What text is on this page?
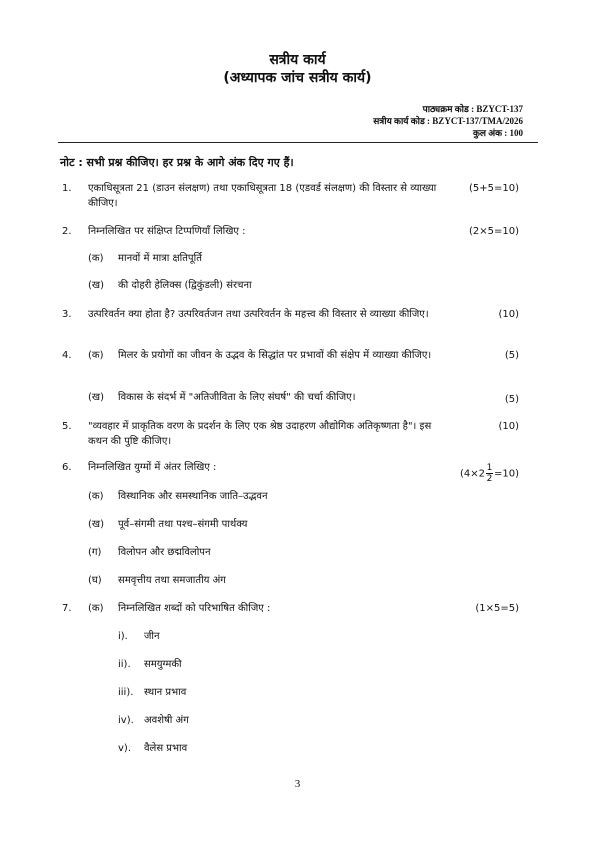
सत्रीय कार्य
(अध्यापक जांच सत्रीय कार्य)
पाठ्यक्रम कोड : BZYCT-137
सत्रीय कार्य कोड : BZYCT-137/TMA/2026
कुल अंक : 100
नोट : सभी प्रश्न कीजिए। हर प्रश्न के आगे अंक दिए गए हैं।
1. एकाधिसूत्रता 21 (डाउन संलक्षण) तथा एकाधिसूत्रता 18 (एडवर्ड संलक्षण) की विस्तार से व्याख्या कीजिए।
(5+5=10)
2. निम्नलिखित पर संक्षिप्त टिप्पणियाँ लिखिए :	(2×5=10)
(क) मानवों में मात्रा क्षतिपूर्ति
(ख) की दोहरी हेलिक्स (द्विकुंडली) संरचना
3. उत्परिवर्तन क्या होता है? उत्परिवर्तजन तथा उत्परिवर्तन के महत्त्व की विस्तार से व्याख्या कीजिए।	(10)
4. (क) मिलर के प्रयोगों का जीवन के उद्भव के सिद्धांत पर प्रभावों की संक्षेप में व्याख्या कीजिए।	(5)
(ख) विकास के संदर्भ में "अतिजीविता के लिए संघर्ष" की चर्चा कीजिए।	(5)
5. "व्यवहार में प्राकृतिक वरण के प्रदर्शन के लिए एक श्रेष्ठ उदाहरण औद्योगिक अतिकृष्णता है"। इस कथन की पुष्टि कीजिए।
(10)
6. निम्नलिखित युग्मों में अंतर लिखिए :
$(4\times 2 \frac{1}{2} =10)$
(क) विस्थानिक और समस्थानिक जाति–उद्भवन
(ख) पूर्व–संगमी तथा पश्च–संगमी पार्थक्य
(ग) विलोपन और छद्मविलोपन
(घ) समवृत्तीय तथा समजातीय अंग
7. (क) निम्नलिखित शब्दों को परिभाषित कीजिए :	(1×5=5)
i). जीन
ii). समयुग्मकी
iii). स्थान प्रभाव
iv). अवशेषी अंग
v). वैलेस प्रभाव
3
